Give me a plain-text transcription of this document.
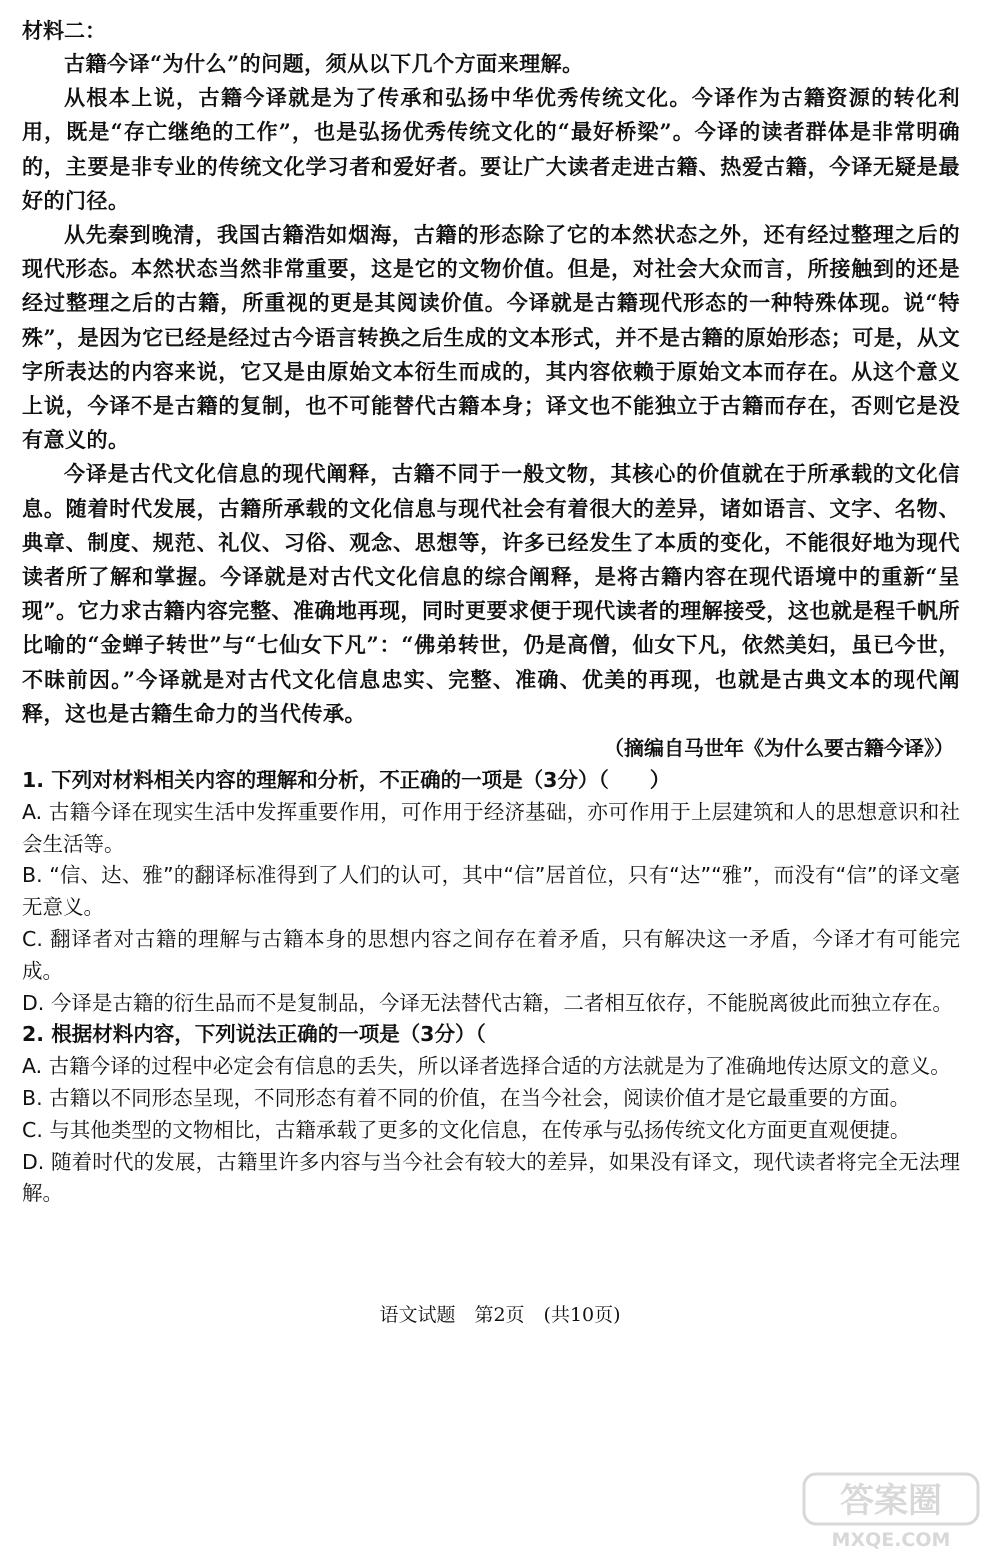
材料二：

古籍今译“为什么”的问题，须从以下几个方面来理解。

从根本上说，古籍今译就是为了传承和弘扬中华优秀传统文化。今译作为古籍资源的转化利用，既是“存亡继绝的工作”，也是弘扬优秀传统文化的“最好桥梁”。今译的读者群体是非常明确的，主要是非专业的传统文化学习者和爱好者。要让广大读者走进古籍、热爱古籍，今译无疑是最好的门径。

从先秦到晚清，我国古籍浩如烟海，古籍的形态除了它的本然状态之外，还有经过整理之后的现代形态。本然状态当然非常重要，这是它的文物价值。但是，对社会大众而言，所接触到的还是经过整理之后的古籍，所重视的更是其阅读价值。今译就是古籍现代形态的一种特殊体现。说“特殊”，是因为它已经是经过古今语言转换之后生成的文本形式，并不是古籍的原始形态；可是，从文字所表达的内容来说，它又是由原始文本衍生而成的，其内容依赖于原始文本而存在。从这个意义上说，今译不是古籍的复制，也不可能替代古籍本身；译文也不能独立于古籍而存在，否则它是没有意义的。

今译是古代文化信息的现代阐释，古籍不同于一般文物，其核心的价值就在于所承载的文化信息。随着时代发展，古籍所承载的文化信息与现代社会有着很大的差异，诸如语言、文字、名物、典章、制度、规范、礼仪、习俗、观念、思想等，许多已经发生了本质的变化，不能很好地为现代读者所了解和掌握。今译就是对古代文化信息的综合阐释，是将古籍内容在现代语境中的重新“呈现”。它力求古籍内容完整、准确地再现，同时更要求便于现代读者的理解接受，这也就是程千帆所比喻的“金蝉子转世”与“七仙女下凡”：“佛弟转世，仍是高僧，仙女下凡，依然美妇，虽已今世，不昧前因。”今译就是对古代文化信息忠实、完整、准确、优美的再现，也就是古典文本的现代阐释，这也是古籍生命力的当代传承。

（摘编自马世年《为什么要古籍今译》）

1. 下列对材料相关内容的理解和分析，不正确的一项是（3分）（　　）

A. 古籍今译在现实生活中发挥重要作用，可作用于经济基础，亦可作用于上层建筑和人的思想意识和社会生活等。

B. “信、达、雅”的翻译标准得到了人们的认可，其中“信”居首位，只有“达”“雅”，而没有“信”的译文毫无意义。

C. 翻译者对古籍的理解与古籍本身的思想内容之间存在着矛盾，只有解决这一矛盾，今译才有可能完成。

D. 今译是古籍的衍生品而不是复制品，今译无法替代古籍，二者相互依存，不能脱离彼此而独立存在。

2. 根据材料内容，下列说法正确的一项是（3分）（

A. 古籍今译的过程中必定会有信息的丢失，所以译者选择合适的方法就是为了准确地传达原文的意义。

B. 古籍以不同形态呈现，不同形态有着不同的价值，在当今社会，阅读价值才是它最重要的方面。

C. 与其他类型的文物相比，古籍承载了更多的文化信息，在传承与弘扬传统文化方面更直观便捷。

D. 随着时代的发展，古籍里许多内容与当今社会有较大的差异，如果没有译文，现代读者将完全无法理解。

语文试题　第2页　(共10页)
答案圈
MXQE.COM
